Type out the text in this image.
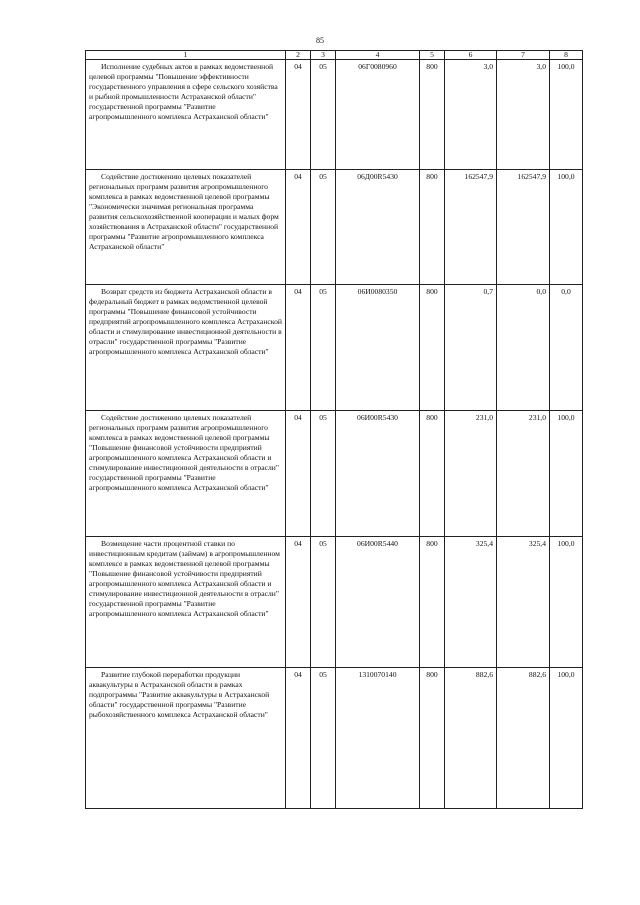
85
1	2	3	4	5	6	7	8

Исполнение судебных актов в рамках ведомственной целевой программы "Повышение эффективности государственного управления в сфере сельского хозяйства и рыбной промышленности Астраханской области" государственной программы "Развитие агропромышленного комплекса Астраханской области"	04	05	06Г0080960	800	3,0	3,0	100,0

Содействие достижению целевых показателей региональных программ развития агропромышленного комплекса в рамках ведомственной целевой программы "Экономически значимая региональная программа развития сельскохозяйственной кооперации и малых форм хозяйствования в Астраханской области" государственной программы "Развитие агропромышленного комплекса Астраханской области"	04	05	06Д00R5430	800	162547,9	162547,9	100,0

Возврат средств из бюджета Астраханской области в федеральный бюджет в рамках ведомственной целевой программы "Повышение финансовой устойчивости предприятий агропромышленного комплекса Астраханской области и стимулирование инвестиционной деятельности в отрасли" государственной программы "Развитие агропромышленного комплекса Астраханской области"	04	05	06И0080350	800	0,7	0,0	0,0

Содействие достижению целевых показателей региональных программ развития агропромышленного комплекса в рамках ведомственной целевой программы "Повышение финансовой устойчивости предприятий агропромышленного комплекса Астраханской области и стимулирование инвестиционной деятельности в отрасли" государственной программы "Развитие агропромышленного комплекса Астраханской области"	04	05	06И00R5430	800	231,0	231,0	100,0

Возмещение части процентной ставки по инвестиционным кредитам (займам) в агропромышленном комплексе в рамках ведомственной целевой программы "Повышение финансовой устойчивости предприятий агропромышленного комплекса Астраханской области и стимулирование инвестиционной деятельности в отрасли" государственной программы "Развитие агропромышленного комплекса Астраханской области"	04	05	06И00R5440	800	325,4	325,4	100,0

Развитие глубокой переработки продукции аквакультуры в Астраханской области в рамках подпрограммы "Развитие аквакультуры в Астраханской области" государственной программы "Развитие рыбохозяйственного комплекса Астраханской области"	04	05	1310070140	800	882,6	882,6	100,0
